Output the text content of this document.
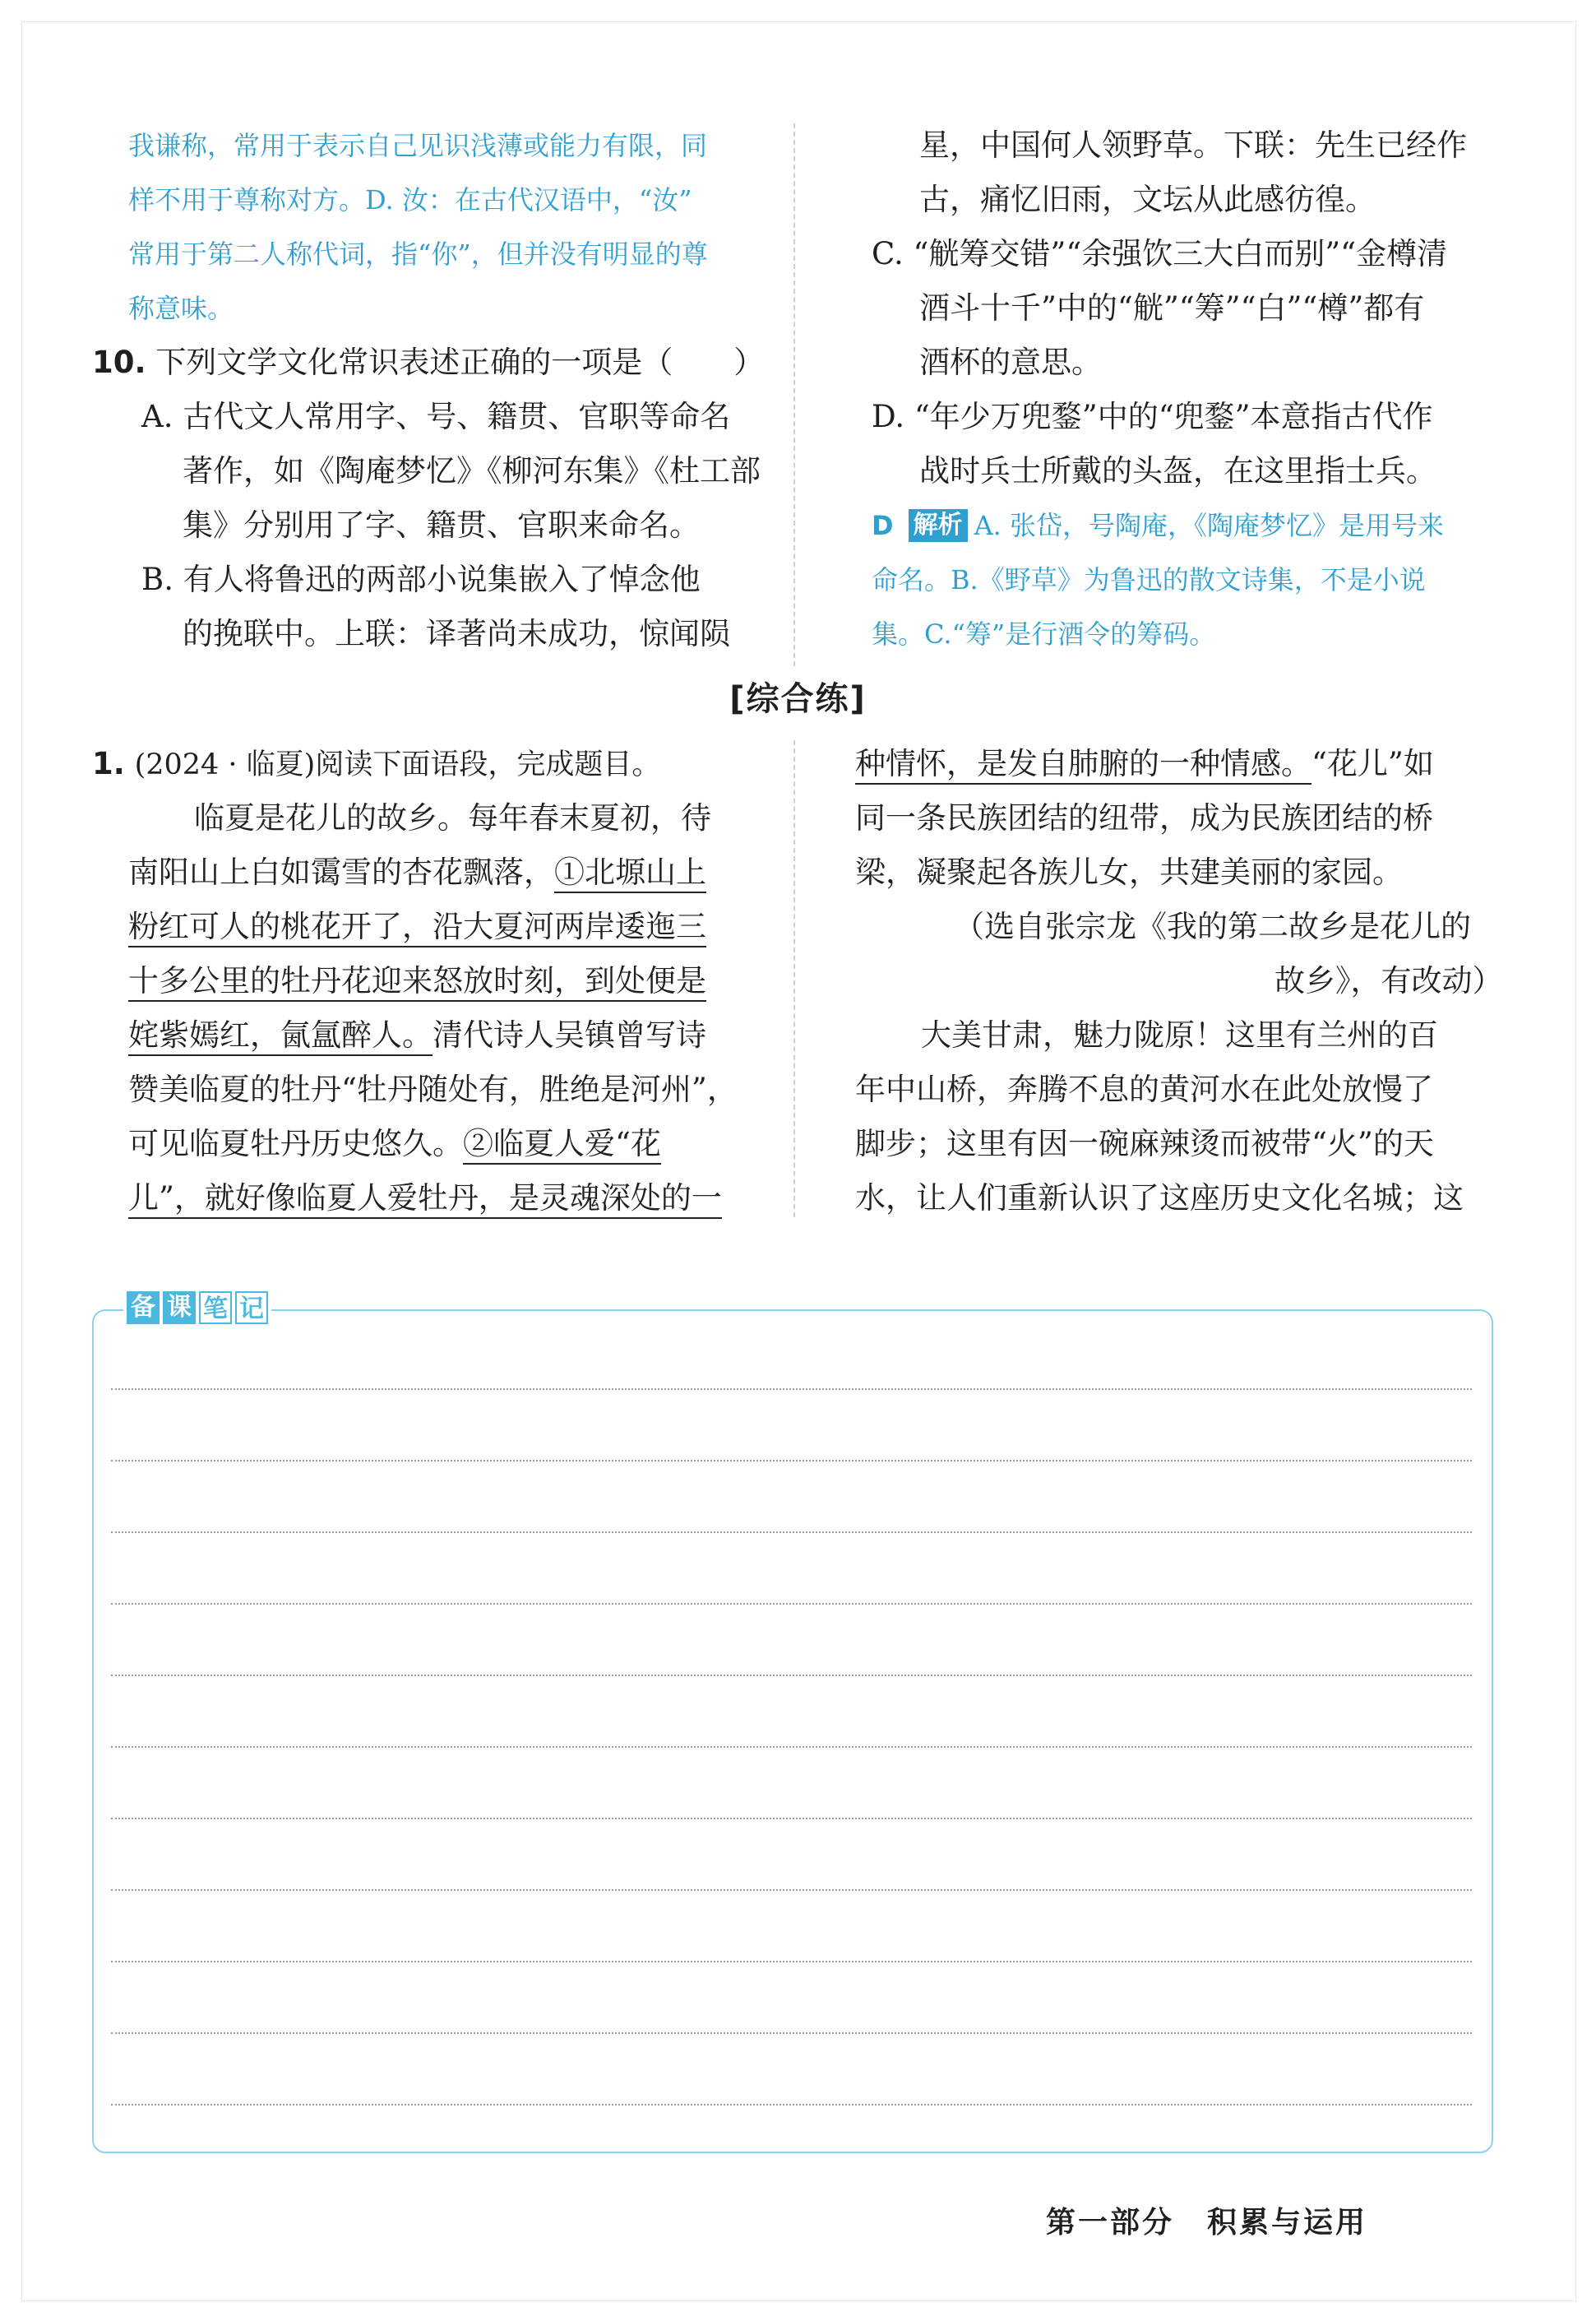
我谦称，常用于表示自己见识浅薄或能力有限，同
样不用于尊称对方。D. 汝：在古代汉语中，“汝”
常用于第二人称代词，指“你”，但并没有明显的尊
称意味。
10. 下列文学文化常识表述正确的一项是（　　）
A. 古代文人常用字、号、籍贯、官职等命名
著作，如《陶庵梦忆》《柳河东集》《杜工部
集》分别用了字、籍贯、官职来命名。
B. 有人将鲁迅的两部小说集嵌入了悼念他
的挽联中。上联：译著尚未成功，惊闻陨
星，中国何人领野草。下联：先生已经作
古，痛忆旧雨，文坛从此感彷徨。
C. “觥筹交错”“余强饮三大白而别”“金樽清
酒斗十千”中的“觥”“筹”“白”“樽”都有
酒杯的意思。
D. “年少万兜鍪”中的“兜鍪”本意指古代作
战时兵士所戴的头盔，在这里指士兵。
D 解析 A. 张岱，号陶庵，《陶庵梦忆》是用号来
命名。B.《野草》为鲁迅的散文诗集，不是小说
集。C.“筹”是行酒令的筹码。
[综合练]
1. (2024 · 临夏)阅读下面语段，完成题目。
临夏是花儿的故乡。每年春末夏初，待
南阳山上白如霭雪的杏花飘落，①北塬山上
粉红可人的桃花开了，沿大夏河两岸逶迤三
十多公里的牡丹花迎来怒放时刻，到处便是
姹紫嫣红，氤氲醉人。清代诗人吴镇曾写诗
赞美临夏的牡丹“牡丹随处有，胜绝是河州”，
可见临夏牡丹历史悠久。②临夏人爱“花
儿”，就好像临夏人爱牡丹，是灵魂深处的一
种情怀，是发自肺腑的一种情感。“花儿”如
同一条民族团结的纽带，成为民族团结的桥
梁，凝聚起各族儿女，共建美丽的家园。
（选自张宗龙《我的第二故乡是花儿的
故乡》，有改动）
大美甘肃，魅力陇原！这里有兰州的百
年中山桥，奔腾不息的黄河水在此处放慢了
脚步；这里有因一碗麻辣烫而被带“火”的天
水，让人们重新认识了这座历史文化名城；这
备 课 笔 记
第一部分 积累与运用
